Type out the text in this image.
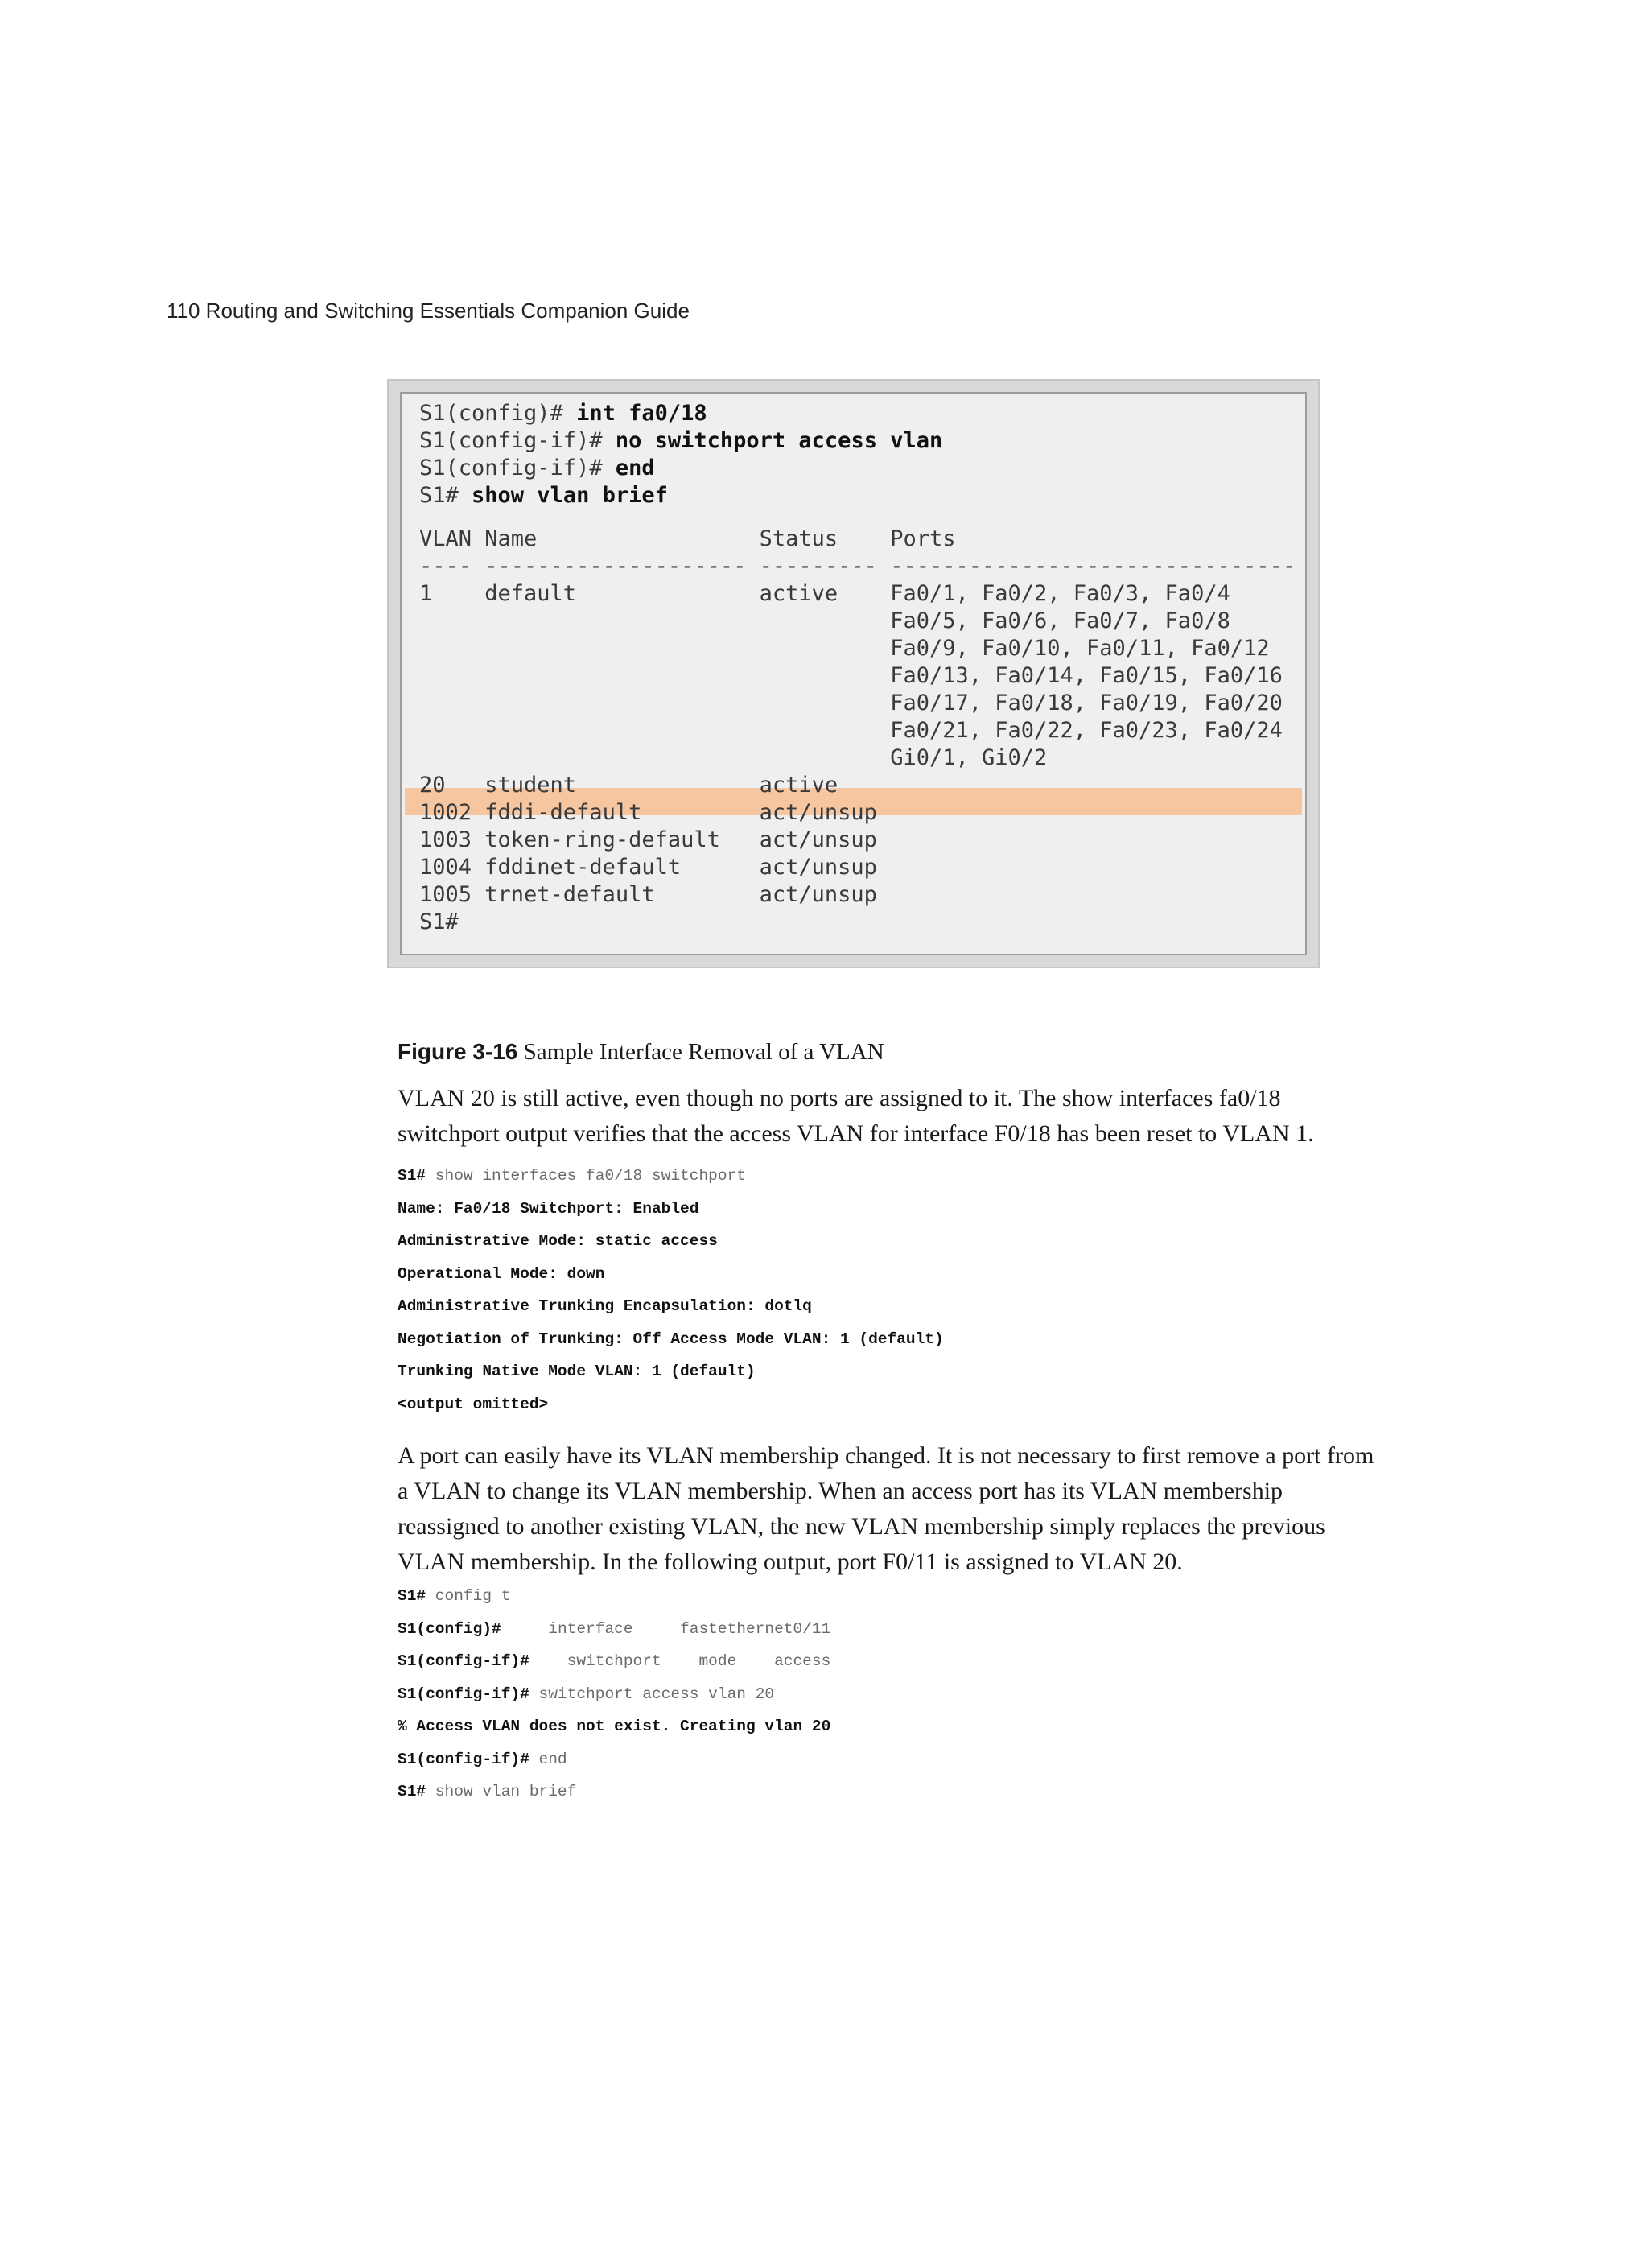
110 Routing and Switching Essentials Companion Guide
S1(config)# int fa0/18
S1(config-if)# no switchport access vlan
S1(config-if)# end
S1# show vlan brief
VLAN Name                 Status    Ports
---- -------------------- --------- -------------------------------
1    default              active    Fa0/1, Fa0/2, Fa0/3, Fa0/4
Fa0/5, Fa0/6, Fa0/7, Fa0/8
Fa0/9, Fa0/10, Fa0/11, Fa0/12
Fa0/13, Fa0/14, Fa0/15, Fa0/16
Fa0/17, Fa0/18, Fa0/19, Fa0/20
Fa0/21, Fa0/22, Fa0/23, Fa0/24
Gi0/1, Gi0/2
20   student              active
1002 fddi-default         act/unsup
1003 token-ring-default   act/unsup
1004 fddinet-default      act/unsup
1005 trnet-default        act/unsup
S1#
Figure 3-16 Sample Interface Removal of a VLAN

VLAN 20 is still active, even though no ports are assigned to it. The show interfaces fa0/18 switchport output verifies that the access VLAN for interface F0/18 has been reset to VLAN 1.

S1# show interfaces fa0/18 switchport
Name: Fa0/18 Switchport: Enabled
Administrative Mode: static access
Operational Mode: down
Administrative Trunking Encapsulation: dotlq
Negotiation of Trunking: Off Access Mode VLAN: 1 (default)
Trunking Native Mode VLAN: 1 (default)
<output omitted>

A port can easily have its VLAN membership changed. It is not necessary to first remove a port from a VLAN to change its VLAN membership. When an access port has its VLAN membership reassigned to another existing VLAN, the new VLAN membership simply replaces the previous VLAN membership. In the following output, port F0/11 is assigned to VLAN 20.

S1# config t
S1(config)#     interface     fastethernet0/11
S1(config-if)#    switchport    mode    access
S1(config-if)# switchport access vlan 20
% Access VLAN does not exist. Creating vlan 20
S1(config-if)# end
S1# show vlan brief
